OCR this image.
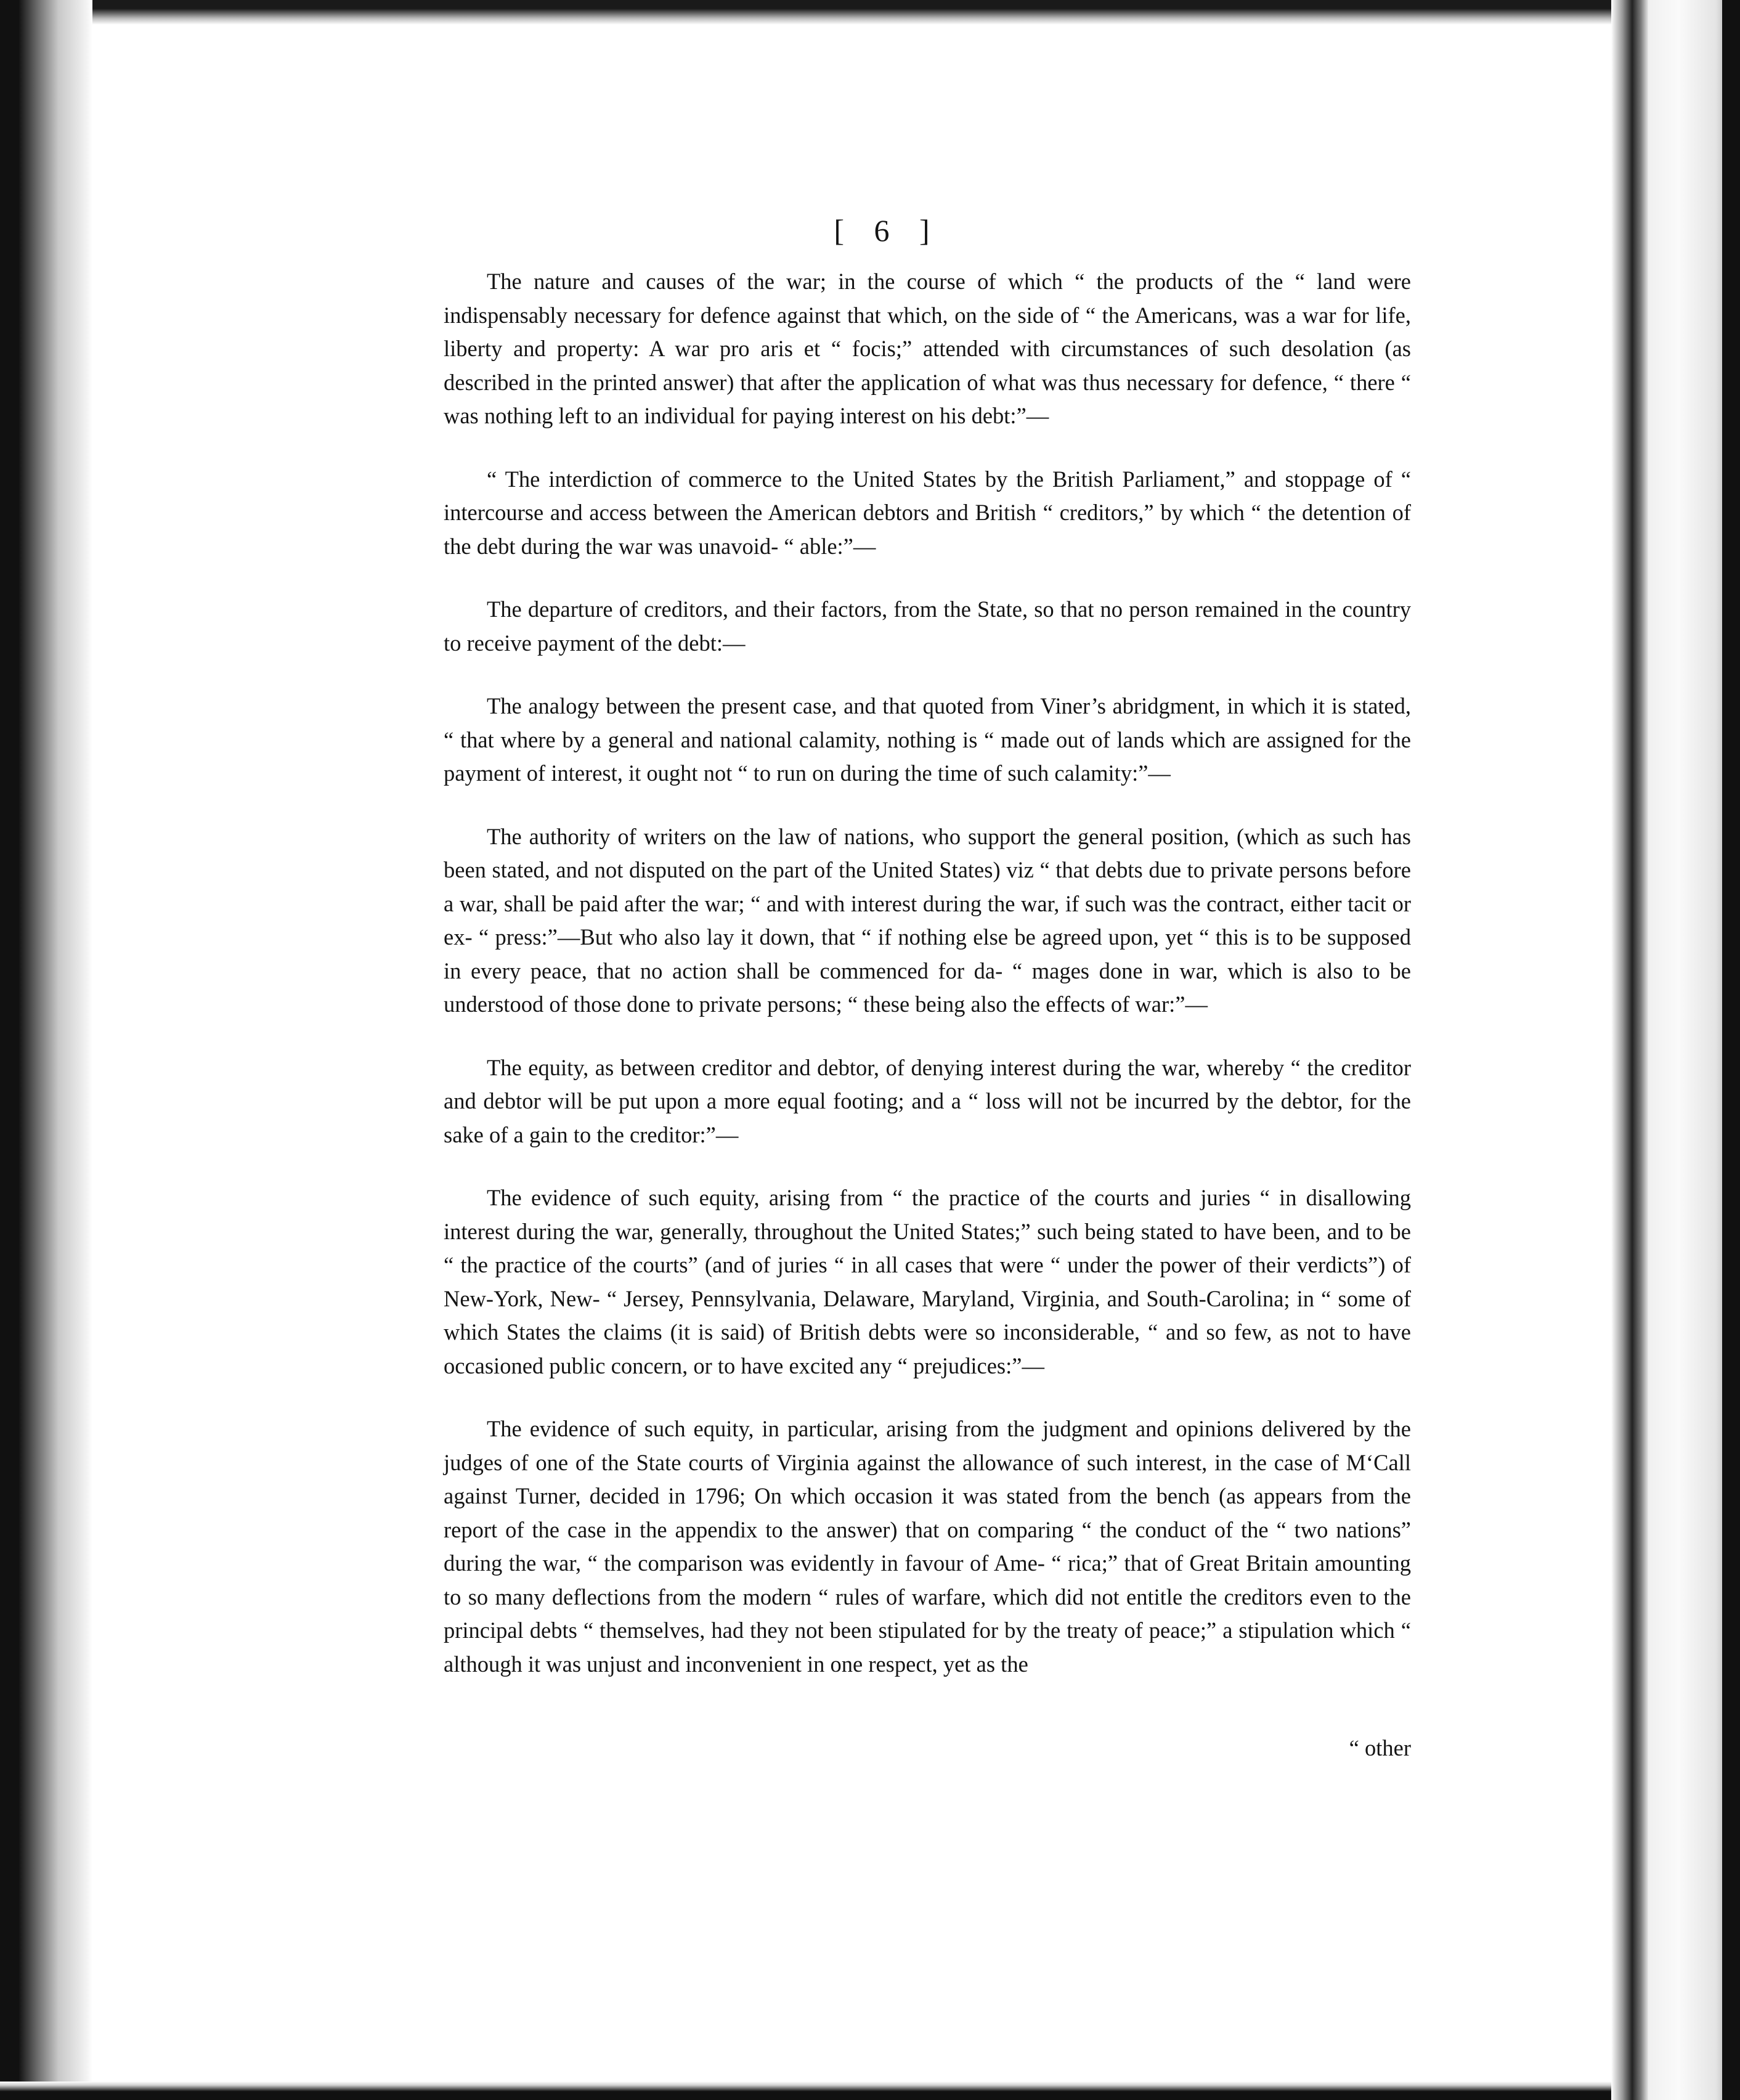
[ 6 ]

The nature and causes of the war; in the course of which “ the products of the “ land were indispensably necessary for defence against that which, on the side of “ the Americans, was a war for life, liberty and property: A war pro aris et “ focis;” attended with circumstances of such desolation (as described in the printed answer) that after the application of what was thus necessary for defence, “ there “ was nothing left to an individual for paying interest on his debt:”—

“ The interdiction of commerce to the United States by the British Parliament,” and stoppage of “ intercourse and access between the American debtors and British “ creditors,” by which “ the detention of the debt during the war was unavoid- “ able:”—

The departure of creditors, and their factors, from the State, so that no person remained in the country to receive payment of the debt:—

The analogy between the present case, and that quoted from Viner’s abridgment, in which it is stated, “ that where by a general and national calamity, nothing is “ made out of lands which are assigned for the payment of interest, it ought not “ to run on during the time of such calamity:”—

The authority of writers on the law of nations, who support the general position, (which as such has been stated, and not disputed on the part of the United States) viz “ that debts due to private persons before a war, shall be paid after the war; “ and with interest during the war, if such was the contract, either tacit or ex- “ press:”—But who also lay it down, that “ if nothing else be agreed upon, yet “ this is to be supposed in every peace, that no action shall be commenced for da- “ mages done in war, which is also to be understood of those done to private persons; “ these being also the effects of war:”—

The equity, as between creditor and debtor, of denying interest during the war, whereby “ the creditor and debtor will be put upon a more equal footing; and a “ loss will not be incurred by the debtor, for the sake of a gain to the creditor:”—

The evidence of such equity, arising from “ the practice of the courts and juries “ in disallowing interest during the war, generally, throughout the United States;” such being stated to have been, and to be “ the practice of the courts” (and of juries “ in all cases that were “ under the power of their verdicts”) of New-York, New- “ Jersey, Pennsylvania, Delaware, Maryland, Virginia, and South-Carolina; in “ some of which States the claims (it is said) of British debts were so inconsiderable, “ and so few, as not to have occasioned public concern, or to have excited any “ prejudices:”—

The evidence of such equity, in particular, arising from the judgment and opinions delivered by the judges of one of the State courts of Virginia against the allowance of such interest, in the case of M‘Call against Turner, decided in 1796; On which occasion it was stated from the bench (as appears from the report of the case in the appendix to the answer) that on comparing “ the conduct of the “ two nations” during the war, “ the comparison was evidently in favour of Ame- “ rica;” that of Great Britain amounting to so many deflections from the modern “ rules of warfare, which did not entitle the creditors even to the principal debts “ themselves, had they not been stipulated for by the treaty of peace;” a stipulation which “ although it was unjust and inconvenient in one respect, yet as the

“ other
